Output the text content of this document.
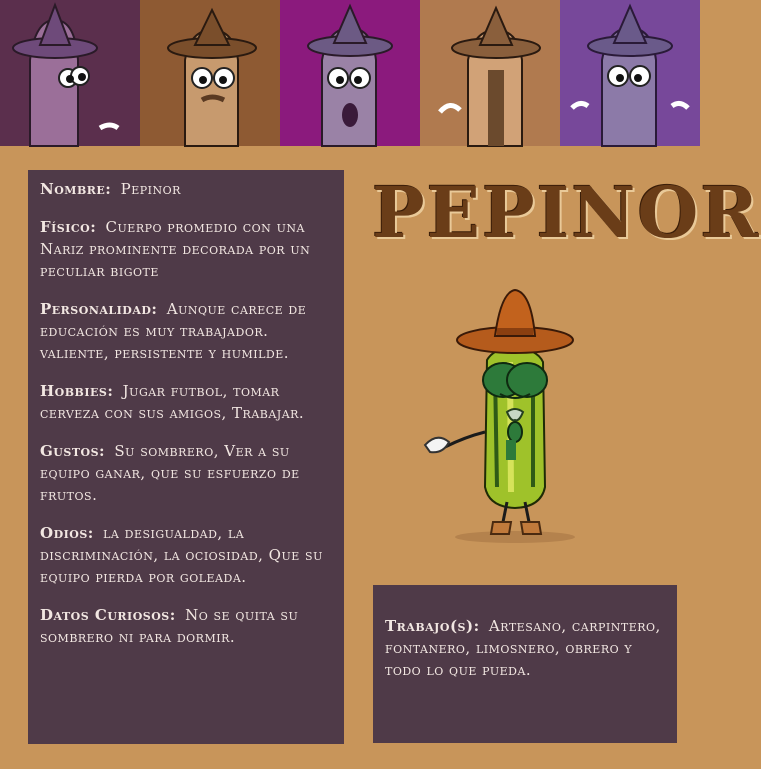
Nombre: Pepinor
Físico: Cuerpo promedio con una Nariz prominente decorada por un peculiar bigote
Personalidad: Aunque carece de educación es muy trabajador. valiente, persistente y humilde.
Hobbies: Jugar futbol, tomar cerveza con sus amigos, Trabajar.
Gustos: Su sombrero, Ver a su equipo ganar, que su esfuerzo de frutos.
Odios: la desigualdad, la discriminación, la ociosidad, Que su equipo pierda por goleada.
Datos Curiosos: No se quita su sombrero ni para dormir.
PEPINOR
Trabajo(s): Artesano, carpintero, fontanero, limosnero, obrero y todo lo que pueda.
